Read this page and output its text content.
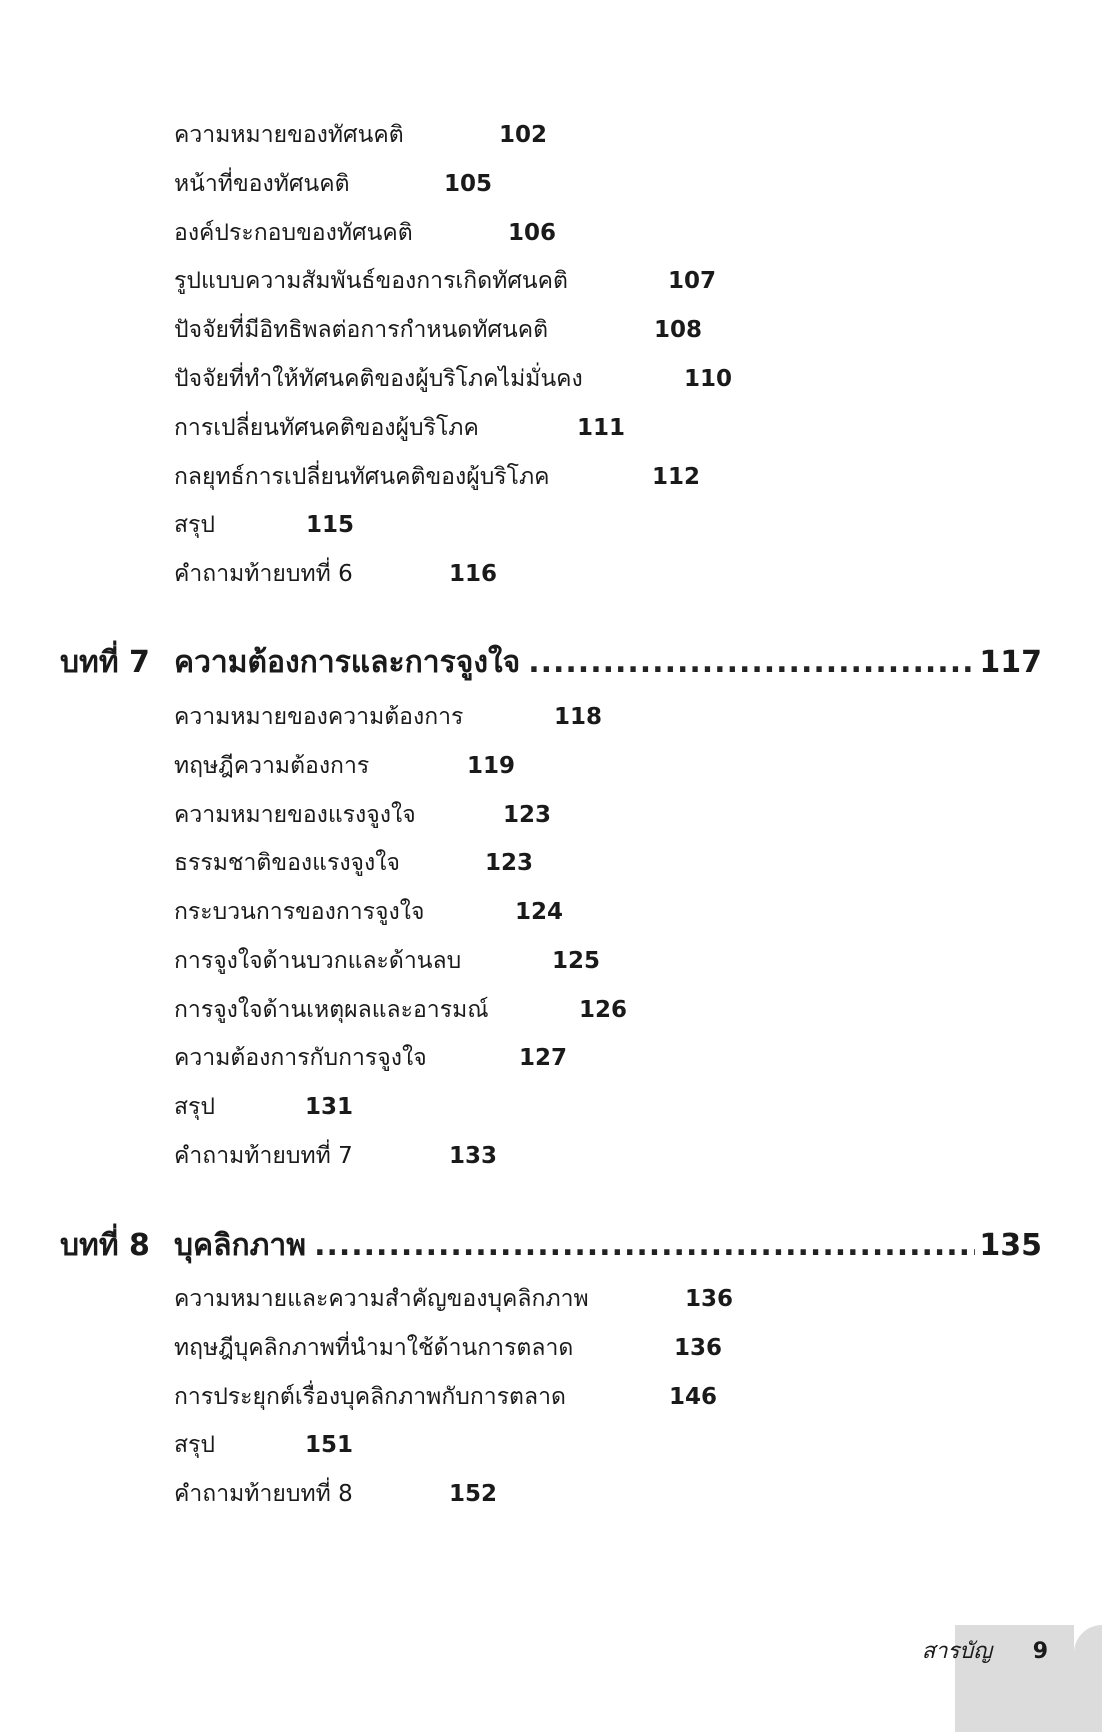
ความหมายของทัศนคติ	102
หน้าที่ของทัศนคติ	105
องค์ประกอบของทัศนคติ	106
รูปแบบความสัมพันธ์ของการเกิดทัศนคติ	107
ปัจจัยที่มีอิทธิพลต่อการกำหนดทัศนคติ	108
ปัจจัยที่ทำให้ทัศนคติของผู้บริโภคไม่มั่นคง	110
การเปลี่ยนทัศนคติของผู้บริโภค	111
กลยุทธ์การเปลี่ยนทัศนคติของผู้บริโภค	112
สรุป	115
คำถามท้ายบทที่ 6	116
บทที่ 7 ความต้องการและการจูงใจ .....	117
ความหมายของความต้องการ	118
ทฤษฎีความต้องการ	119
ความหมายของแรงจูงใจ	123
ธรรมชาติของแรงจูงใจ	123
กระบวนการของการจูงใจ	124
การจูงใจด้านบวกและด้านลบ	125
การจูงใจด้านเหตุผลและอารมณ์	126
ความต้องการกับการจูงใจ	127
สรุป	131
คำถามท้ายบทที่ 7	133
บทที่ 8 บุคลิกภาพ .....	135
ความหมายและความสำคัญของบุคลิกภาพ	136
ทฤษฎีบุคลิกภาพที่นำมาใช้ด้านการตลาด	136
การประยุกต์เรื่องบุคลิกภาพกับการตลาด	146
สรุป	151
คำถามท้ายบทที่ 8	152
สารบัญ 9
